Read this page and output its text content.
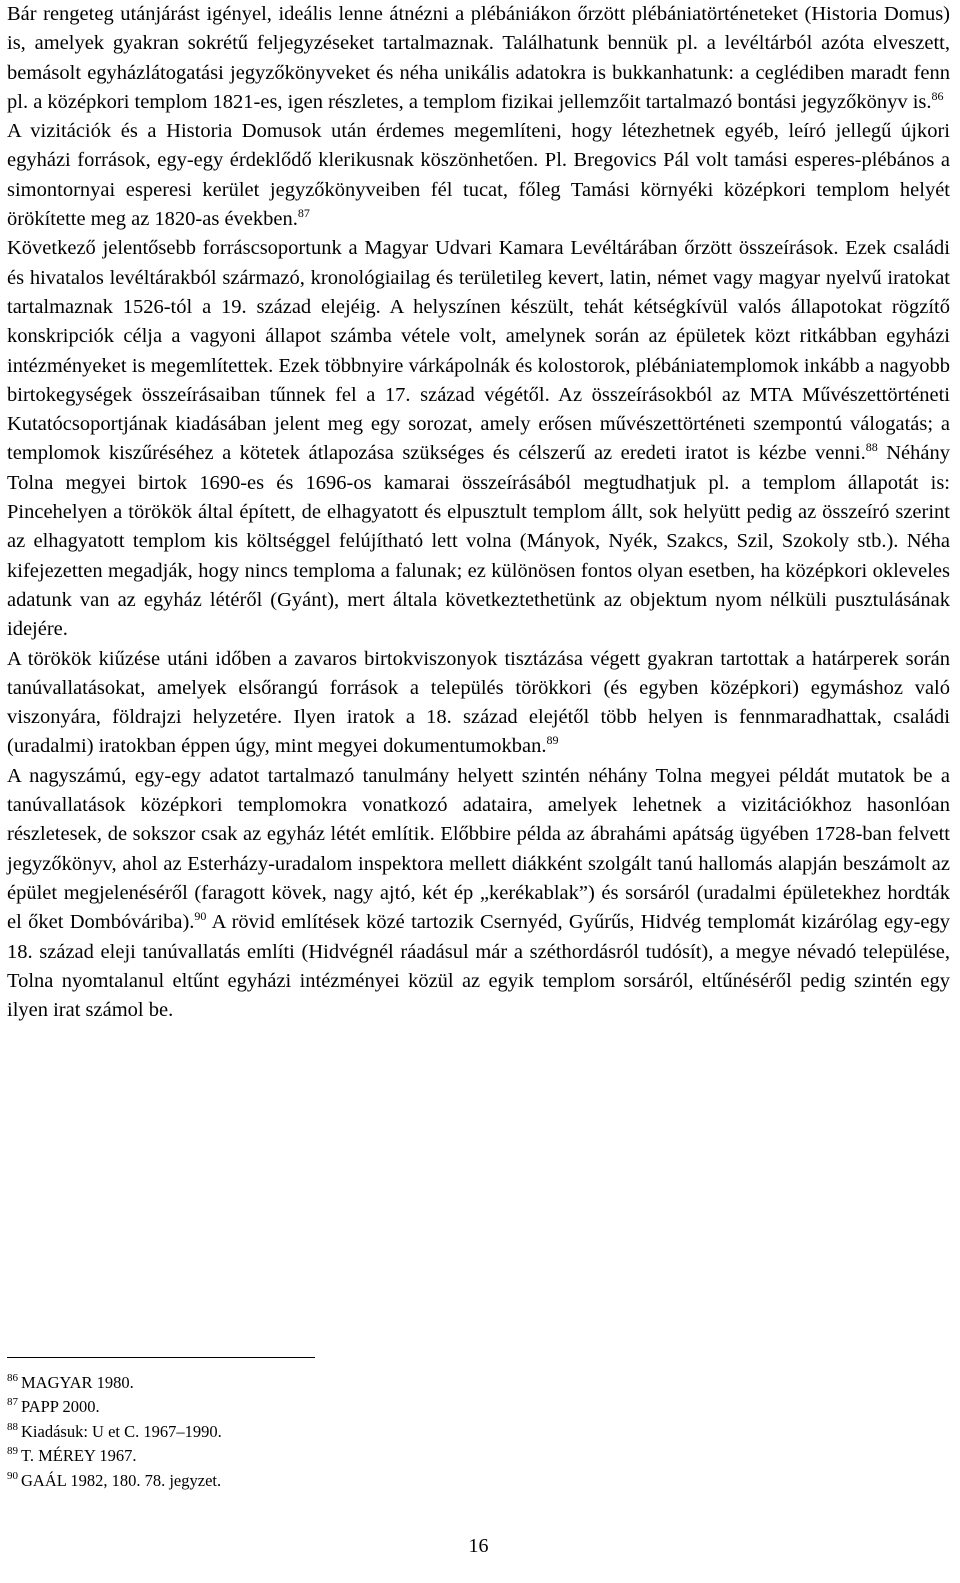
Bár rengeteg utánjárást igényel, ideális lenne átnézni a plébániákon őrzött plébániatörténeteket (Historia Domus) is, amelyek gyakran sokrétű feljegyzéseket tartalmaznak. Találhatunk bennük pl. a levéltárból azóta elveszett, bemásolt egyházlátogatási jegyzőkönyveket és néha unikális adatokra is bukkanhatunk: a ceglédiben maradt fenn pl. a középkori templom 1821-es, igen részletes, a templom fizikai jellemzőit tartalmazó bontási jegyzőkönyv is.$^{86}$

A vizitációk és a Historia Domusok után érdemes megemlíteni, hogy létezhetnek egyéb, leíró jellegű újkori egyházi források, egy-egy érdeklődő klerikusnak köszönhetően. Pl. Bregovics Pál volt tamási esperes-plébános a simontornyai esperesi kerület jegyzőkönyveiben fél tucat, főleg Tamási környéki középkori templom helyét örökítette meg az 1820-as években.$^{87}$

Következő jelentősebb forráscsoportunk a Magyar Udvari Kamara Levéltárában őrzött összeírások. Ezek családi és hivatalos levéltárakból származó, kronológiailag és területileg kevert, latin, német vagy magyar nyelvű iratokat tartalmaznak 1526-tól a 19. század elejéig. A helyszínen készült, tehát kétségkívül valós állapotokat rögzítő konskripciók célja a vagyoni állapot számba vétele volt, amelynek során az épületek közt ritkábban egyházi intézményeket is megemlítettek. Ezek többnyire várkápolnák és kolostorok, plébániatemplomok inkább a nagyobb birtokegységek összeírásaiban tűnnek fel a 17. század végétől. Az összeírásokból az MTA Művészettörténeti Kutatócsoportjának kiadásában jelent meg egy sorozat, amely erősen művészettörténeti szempontú válogatás; a templomok kiszűréséhez a kötetek átlapozása szükséges és célszerű az eredeti iratot is kézbe venni.$^{88}$ Néhány Tolna megyei birtok 1690-es és 1696-os kamarai összeírásából megtudhatjuk pl. a templom állapotát is: Pincehelyen a törökök által épített, de elhagyatott és elpusztult templom állt, sok helyütt pedig az összeíró szerint az elhagyatott templom kis költséggel felújítható lett volna (Mányok, Nyék, Szakcs, Szil, Szokoly stb.). Néha kifejezetten megadják, hogy nincs temploma a falunak; ez különösen fontos olyan esetben, ha középkori okleveles adatunk van az egyház létéről (Gyánt), mert általa következtethetünk az objektum nyom nélküli pusztulásának idejére.

A törökök kiűzése utáni időben a zavaros birtokviszonyok tisztázása végett gyakran tartottak a határperek során tanúvallatásokat, amelyek elsőrangú források a település törökkori (és egyben középkori) egymáshoz való viszonyára, földrajzi helyzetére. Ilyen iratok a 18. század elejétől több helyen is fennmaradhattak, családi (uradalmi) iratokban éppen úgy, mint megyei dokumentumokban.$^{89}$

A nagyszámú, egy-egy adatot tartalmazó tanulmány helyett szintén néhány Tolna megyei példát mutatok be a tanúvallatások középkori templomokra vonatkozó adataira, amelyek lehetnek a vizitációkhoz hasonlóan részletesek, de sokszor csak az egyház létét említik. Előbbire példa az ábrahámi apátság ügyében 1728-ban felvett jegyzőkönyv, ahol az Esterházy-uradalom inspektora mellett diákként szolgált tanú hallomás alapján beszámolt az épület megjelenéséről (faragott kövek, nagy ajtó, két ép „kerékablak”) és sorsáról (uradalmi épületekhez hordták el őket Dombóváriba).$^{90}$ A rövid említések közé tartozik Csernyéd, Gyűrűs, Hidvég templomát kizárólag egy-egy 18. század eleji tanúvallatás említi (Hidvégnél ráadásul már a széthordásról tudósít), a megye névadó települése, Tolna nyomtalanul eltűnt egyházi intézményei közül az egyik templom sorsáról, eltűnéséről pedig szintén egy ilyen irat számol be.

$^{86}$ MAGYAR 1980.
$^{87}$ PAPP 2000.
$^{88}$ Kiadásuk: U et C. 1967–1990.
$^{89}$ T. MÉREY 1967.
$^{90}$ GAÁL 1982, 180. 78. jegyzet.
16
